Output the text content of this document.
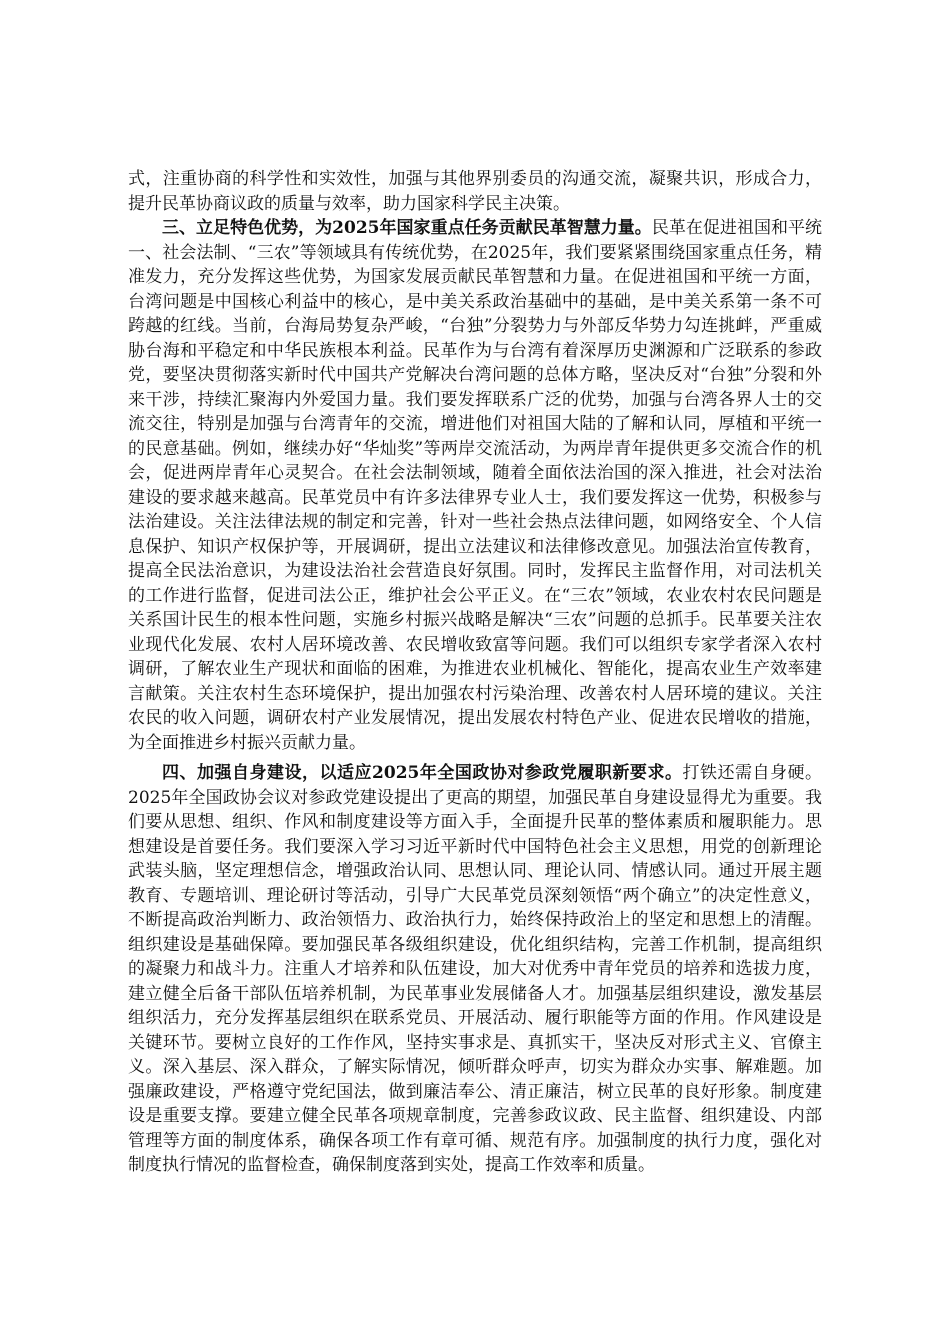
式，注重协商的科学性和实效性，加强与其他界别委员的沟通交流，凝聚共识，形成合力，提升民革协商议政的质量与效率，助力国家科学民主决策。

三、立足特色优势，为2025年国家重点任务贡献民革智慧力量。民革在促进祖国和平统一、社会法制、“三农”等领域具有传统优势，在2025年，我们要紧紧围绕国家重点任务，精准发力，充分发挥这些优势，为国家发展贡献民革智慧和力量。在促进祖国和平统一方面，台湾问题是中国核心利益中的核心，是中美关系政治基础中的基础，是中美关系第一条不可跨越的红线。当前，台海局势复杂严峻，“台独”分裂势力与外部反华势力勾连挑衅，严重威胁台海和平稳定和中华民族根本利益。民革作为与台湾有着深厚历史渊源和广泛联系的参政党，要坚决贯彻落实新时代中国共产党解决台湾问题的总体方略，坚决反对“台独”分裂和外来干涉，持续汇聚海内外爱国力量。我们要发挥联系广泛的优势，加强与台湾各界人士的交流交往，特别是加强与台湾青年的交流，增进他们对祖国大陆的了解和认同，厚植和平统一的民意基础。例如，继续办好“华灿奖”等两岸交流活动，为两岸青年提供更多交流合作的机会，促进两岸青年心灵契合。在社会法制领域，随着全面依法治国的深入推进，社会对法治建设的要求越来越高。民革党员中有许多法律界专业人士，我们要发挥这一优势，积极参与法治建设。关注法律法规的制定和完善，针对一些社会热点法律问题，如网络安全、个人信息保护、知识产权保护等，开展调研，提出立法建议和法律修改意见。加强法治宣传教育，提高全民法治意识，为建设法治社会营造良好氛围。同时，发挥民主监督作用，对司法机关的工作进行监督，促进司法公正，维护社会公平正义。在“三农”领域，农业农村农民问题是关系国计民生的根本性问题，实施乡村振兴战略是解决“三农”问题的总抓手。民革要关注农业现代化发展、农村人居环境改善、农民增收致富等问题。我们可以组织专家学者深入农村调研，了解农业生产现状和面临的困难，为推进农业机械化、智能化，提高农业生产效率建言献策。关注农村生态环境保护，提出加强农村污染治理、改善农村人居环境的建议。关注农民的收入问题，调研农村产业发展情况，提出发展农村特色产业、促进农民增收的措施，为全面推进乡村振兴贡献力量。

四、加强自身建设，以适应2025年全国政协对参政党履职新要求。打铁还需自身硬。2025年全国政协会议对参政党建设提出了更高的期望，加强民革自身建设显得尤为重要。我们要从思想、组织、作风和制度建设等方面入手，全面提升民革的整体素质和履职能力。思想建设是首要任务。我们要深入学习习近平新时代中国特色社会主义思想，用党的创新理论武装头脑，坚定理想信念，增强政治认同、思想认同、理论认同、情感认同。通过开展主题教育、专题培训、理论研讨等活动，引导广大民革党员深刻领悟“两个确立”的决定性意义，不断提高政治判断力、政治领悟力、政治执行力，始终保持政治上的坚定和思想上的清醒。组织建设是基础保障。要加强民革各级组织建设，优化组织结构，完善工作机制，提高组织的凝聚力和战斗力。注重人才培养和队伍建设，加大对优秀中青年党员的培养和选拔力度，建立健全后备干部队伍培养机制，为民革事业发展储备人才。加强基层组织建设，激发基层组织活力，充分发挥基层组织在联系党员、开展活动、履行职能等方面的作用。作风建设是关键环节。要树立良好的工作作风，坚持实事求是、真抓实干，坚决反对形式主义、官僚主义。深入基层、深入群众，了解实际情况，倾听群众呼声，切实为群众办实事、解难题。加强廉政建设，严格遵守党纪国法，做到廉洁奉公、清正廉洁，树立民革的良好形象。制度建设是重要支撑。要建立健全民革各项规章制度，完善参政议政、民主监督、组织建设、内部管理等方面的制度体系，确保各项工作有章可循、规范有序。加强制度的执行力度，强化对制度执行情况的监督检查，确保制度落到实处，提高工作效率和质量。
